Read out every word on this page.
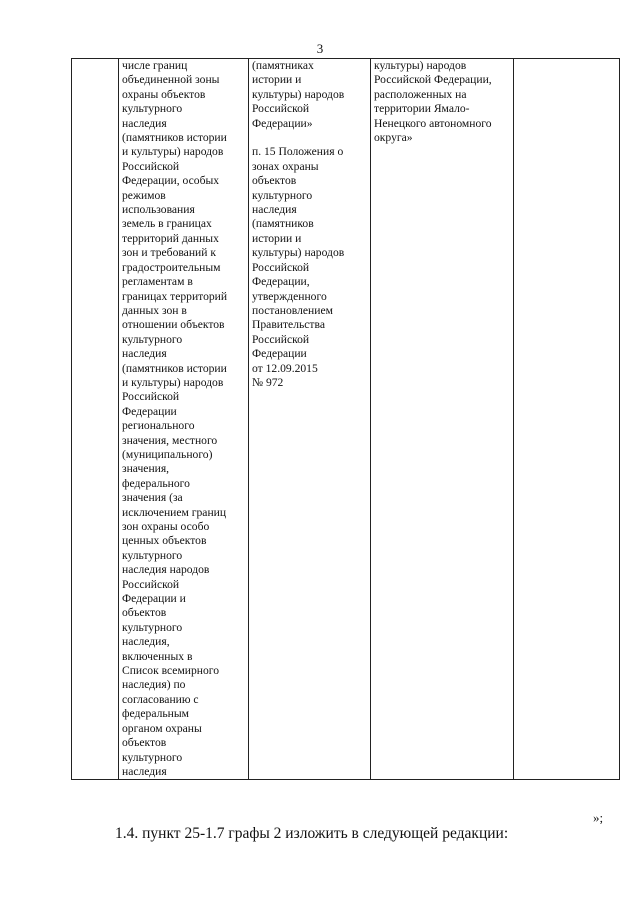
3
	числе границ
объединенной зоны
охраны объектов
культурного
наследия
(памятников истории
и культуры) народов
Российской
Федерации, особых
режимов
использования
земель в границах
территорий данных
зон и требований к
градостроительным
регламентам в
границах территорий
данных зон в
отношении объектов
культурного
наследия
(памятников истории
и культуры) народов
Российской
Федерации
регионального
значения, местного
(муниципального)
значения,
федерального
значения (за
исключением границ
зон охраны особо
ценных объектов
культурного
наследия народов
Российской
Федерации и
объектов
культурного
наследия,
включенных в
Список всемирного
наследия) по
согласованию с
федеральным
органом охраны
объектов
культурного
наследия	(памятниках
истории и
культуры) народов
Российской
Федерации»

п. 15 Положения о
зонах охраны
объектов
культурного
наследия
(памятников
истории и
культуры) народов
Российской
Федерации,
утвержденного
постановлением
Правительства
Российской
Федерации
от 12.09.2015
№ 972	культуры) народов
Российской Федерации,
расположенных на
территории Ямало-
Ненецкого автономного
округа»	
»;
1.4. пункт 25-1.7 графы 2 изложить в следующей редакции:
